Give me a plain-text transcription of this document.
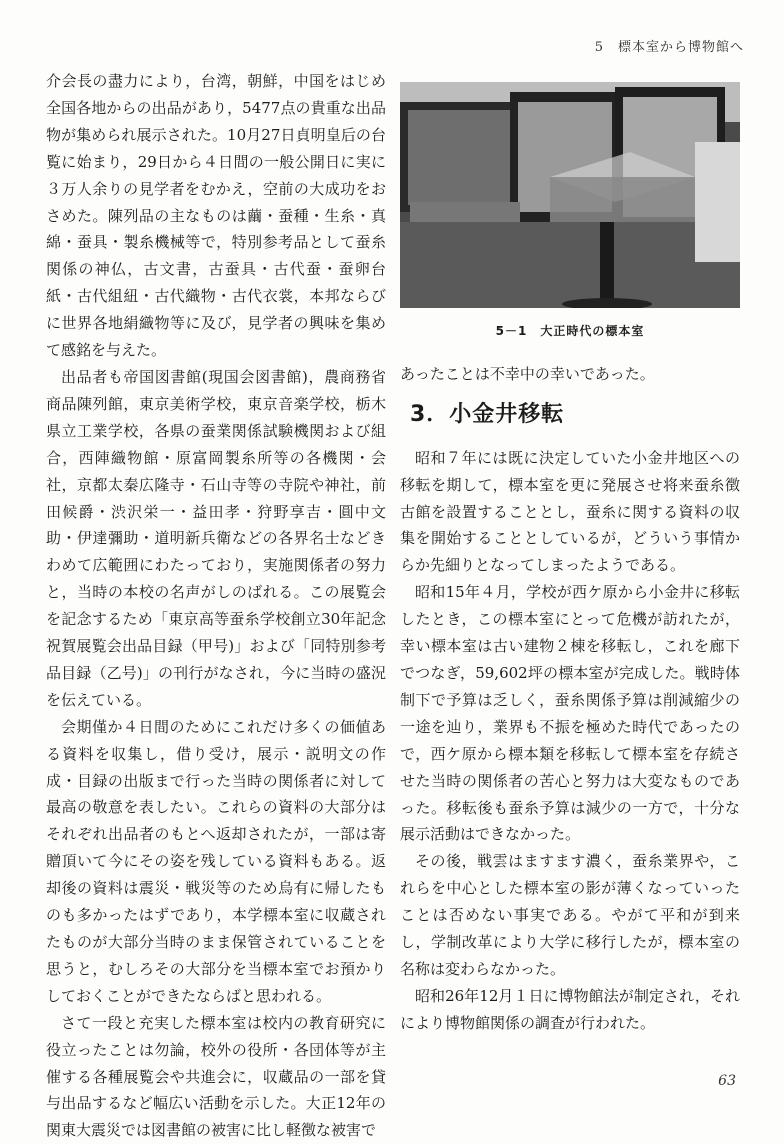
5　標本室から博物館へ

介会長の盡力により，台湾，朝鮮，中国をはじめ全国各地からの出品があり，5477点の貴重な出品物が集められ展示された。10月27日貞明皇后の台覧に始まり，29日から４日間の一般公開日に実に３万人余りの見学者をむかえ，空前の大成功をおさめた。陳列品の主なものは繭・蚕種・生糸・真綿・蚕具・製糸機械等で，特別参考品として蚕糸関係の神仏，古文書，古蚕具・古代蚕・蚕卵台紙・古代組紐・古代織物・古代衣裳，本邦ならびに世界各地絹織物等に及び，見学者の興味を集めて感銘を与えた。

出品者も帝国図書館(現国会図書館)，農商務省商品陳列館，東京美術学校，東京音楽学校，栃木県立工業学校，各県の蚕業関係試験機関および組合，西陣織物館・原富岡製糸所等の各機関・会社，京都太秦広隆寺・石山寺等の寺院や神社，前田候爵・渋沢栄一・益田孝・狩野享吉・圓中文助・伊達彌助・道明新兵衛などの各界名士などきわめて広範囲にわたっており，実施関係者の努力と，当時の本校の名声がしのばれる。この展覧会を記念するため「東京高等蚕糸学校創立30年記念祝賀展覧会出品目録（甲号)」および「同特別参考品目録（乙号)」の刊行がなされ，今に当時の盛況を伝えている。

会期僅か４日間のためにこれだけ多くの価値ある資料を収集し，借り受け，展示・説明文の作成・目録の出版まで行った当時の関係者に対して最高の敬意を表したい。これらの資料の大部分はそれぞれ出品者のもとへ返却されたが，一部は寄贈頂いて今にその姿を残している資料もある。返却後の資料は震災・戦災等のため烏有に帰したものも多かったはずであり，本学標本室に収蔵されたものが大部分当時のまま保管されていることを思うと，むしろその大部分を当標本室でお預かりしておくことができたならばと思われる。

さて一段と充実した標本室は校内の教育研究に役立ったことは勿論，校外の役所・各団体等が主催する各種展覧会や共進会に，収蔵品の一部を貸与出品するなど幅広い活動を示した。大正12年の関東大震災では図書館の被害に比し軽徴な被害で

5－1　大正時代の標本室

あったことは不幸中の幸いであった。

3．小金井移転

昭和７年には既に決定していた小金井地区への移転を期して，標本室を更に発展させ将来蚕糸徴古館を設置することとし，蚕糸に関する資料の収集を開始することとしているが，どういう事情からか先細りとなってしまったようである。

昭和15年４月，学校が西ケ原から小金井に移転したとき，この標本室にとって危機が訪れたが，幸い標本室は古い建物２棟を移転し，これを廊下でつなぎ，59,602坪の標本室が完成した。戦時体制下で予算は乏しく，蚕糸関係予算は削減縮少の一途を辿り，業界も不振を極めた時代であったので，西ケ原から標本類を移転して標本室を存続させた当時の関係者の苦心と努力は大変なものであった。移転後も蚕糸予算は減少の一方で，十分な展示活動はできなかった。

その後，戦雲はますます濃く，蚕糸業界や，これらを中心とした標本室の影が薄くなっていったことは否めない事実である。やがて平和が到来し，学制改革により大学に移行したが，標本室の名称は変わらなかった。

昭和26年12月１日に博物館法が制定され，それにより博物館関係の調査が行われた。

63
